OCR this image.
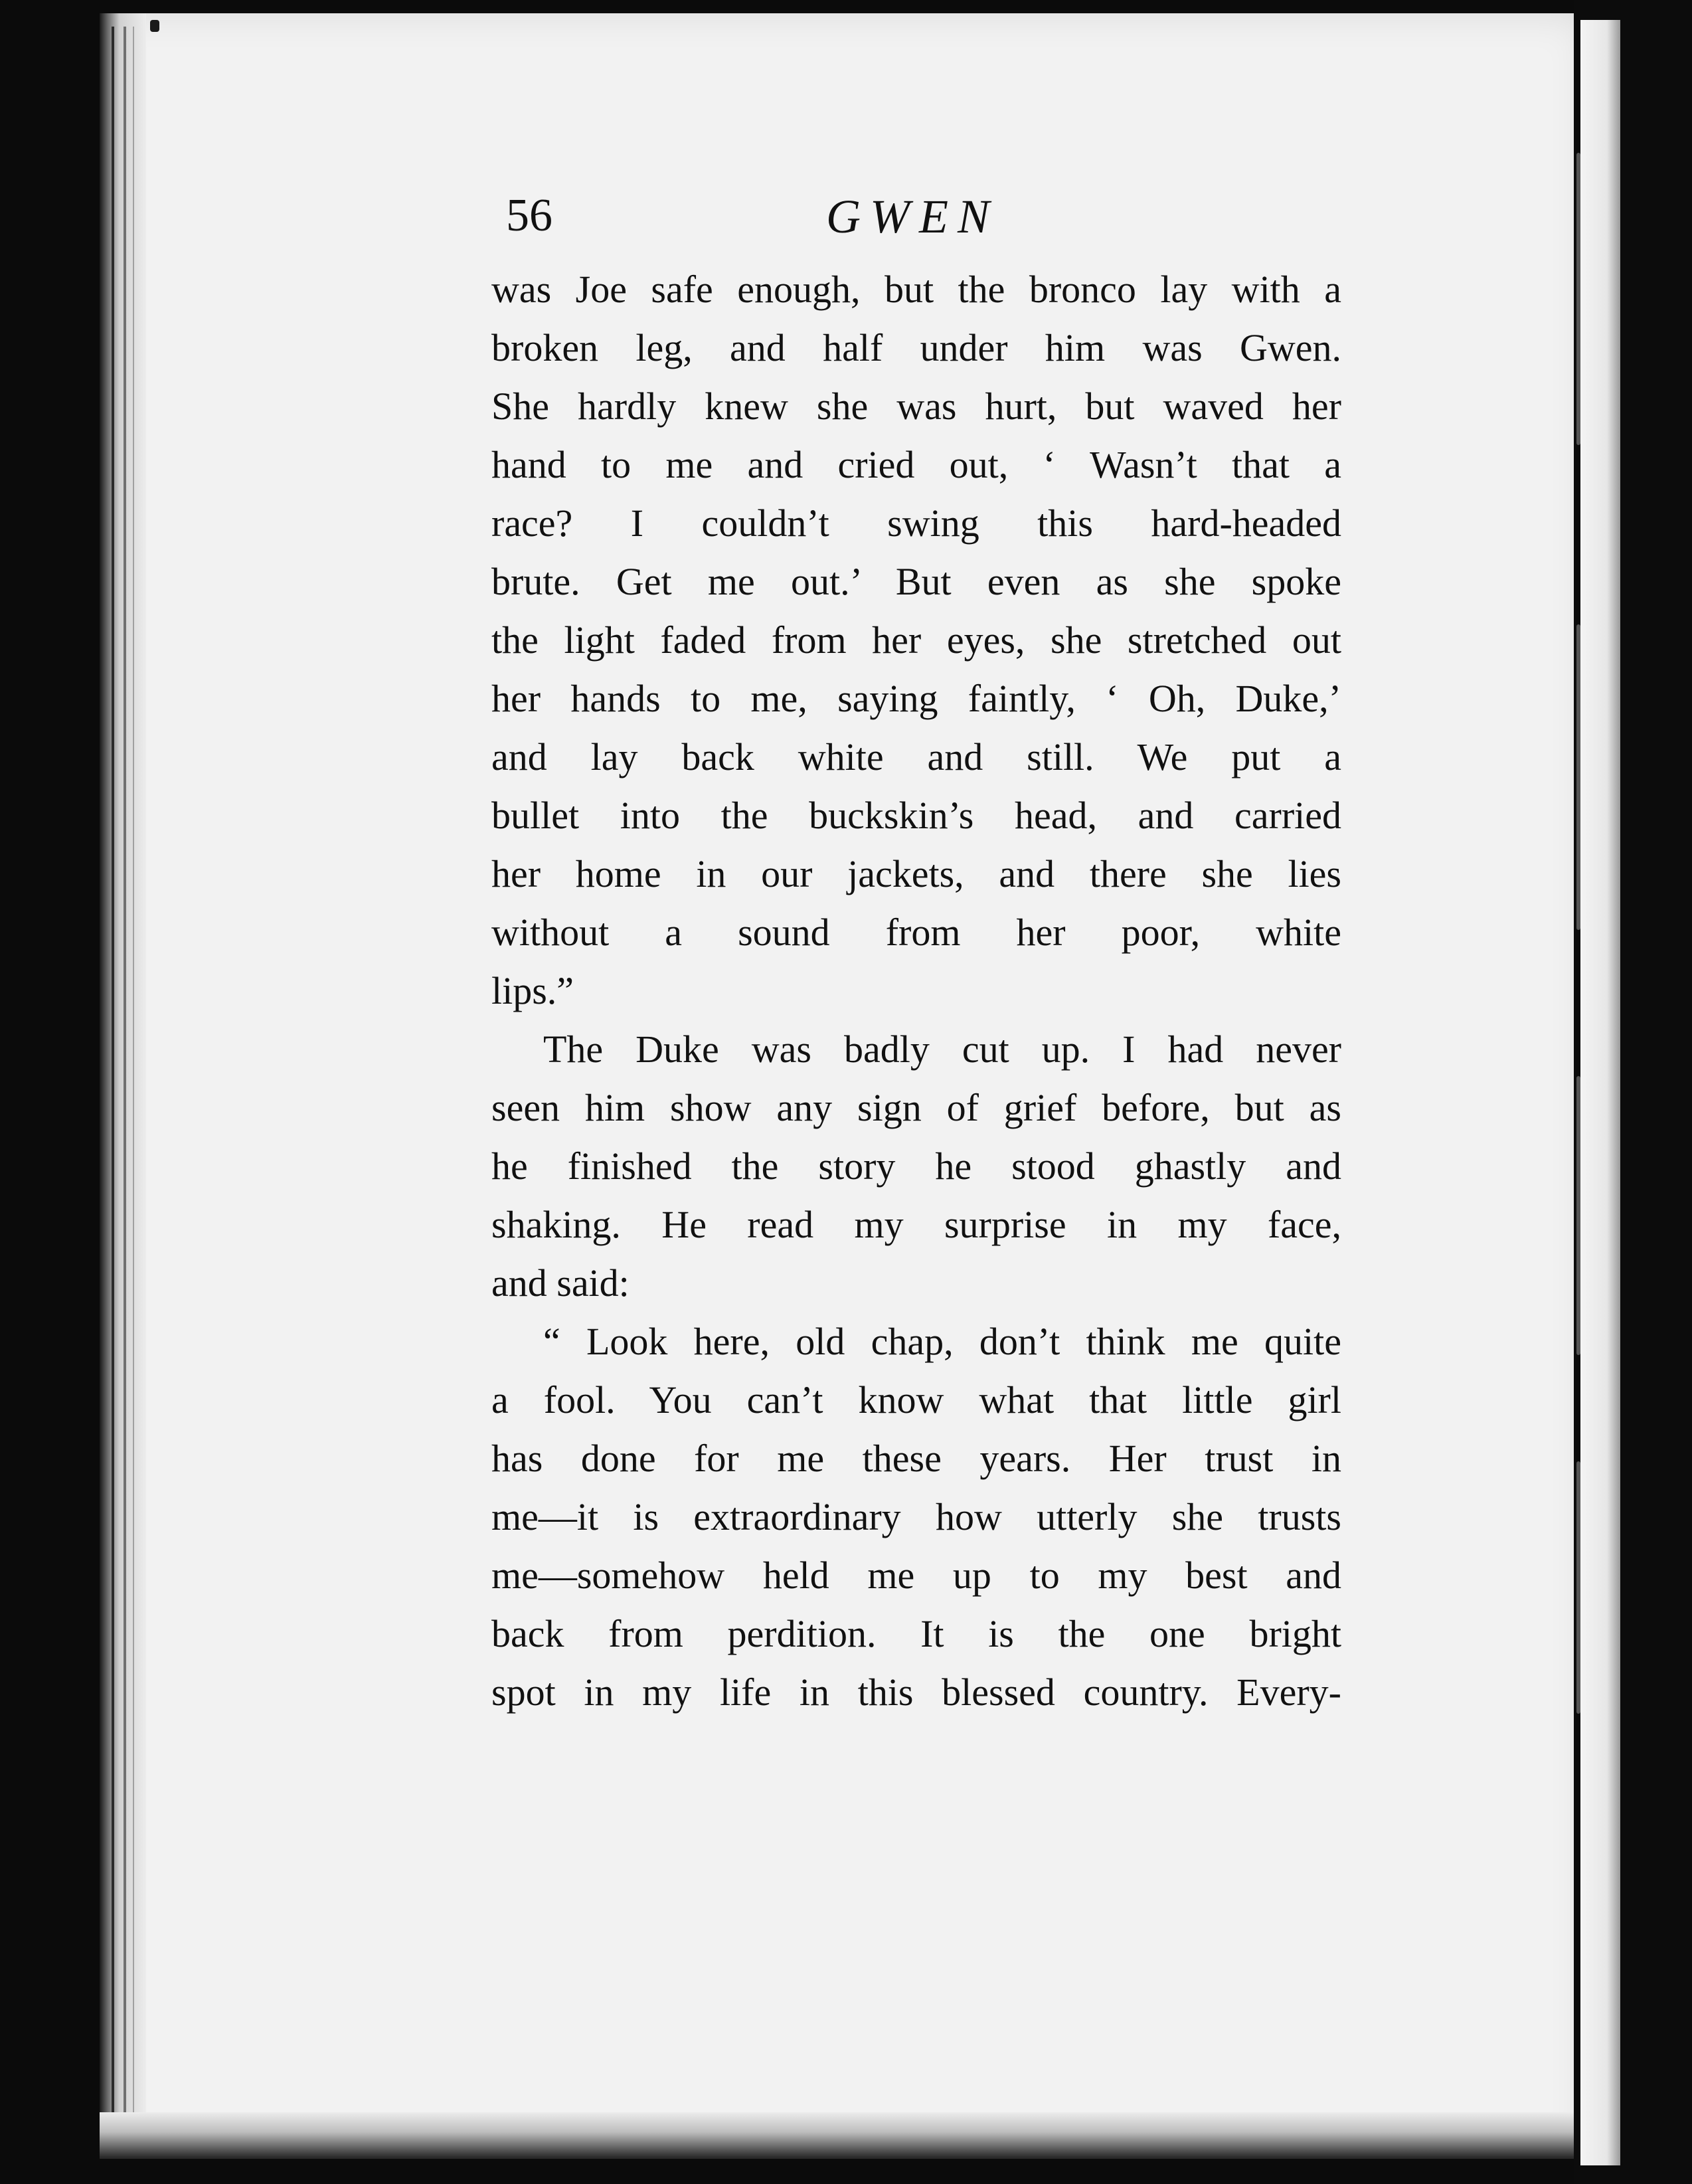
56	GWEN
was Joe safe enough, but the bronco lay with a
broken leg, and half under him was Gwen.
She hardly knew she was hurt, but waved her
hand to me and cried out, ‘ Wasn’t that a
race? I couldn’t swing this hard-headed
brute. Get me out.’ But even as she spoke
the light faded from her eyes, she stretched out
her hands to me, saying faintly, ‘ Oh, Duke,’
and lay back white and still. We put a
bullet into the buckskin’s head, and carried
her home in our jackets, and there she lies
without a sound from her poor, white
lips.”
The Duke was badly cut up. I had never
seen him show any sign of grief before, but as
he finished the story he stood ghastly and
shaking. He read my surprise in my face,
and said:
“ Look here, old chap, don’t think me quite
a fool. You can’t know what that little girl
has done for me these years. Her trust in
me—it is extraordinary how utterly she trusts
me—somehow held me up to my best and
back from perdition. It is the one bright
spot in my life in this blessed country. Every-
